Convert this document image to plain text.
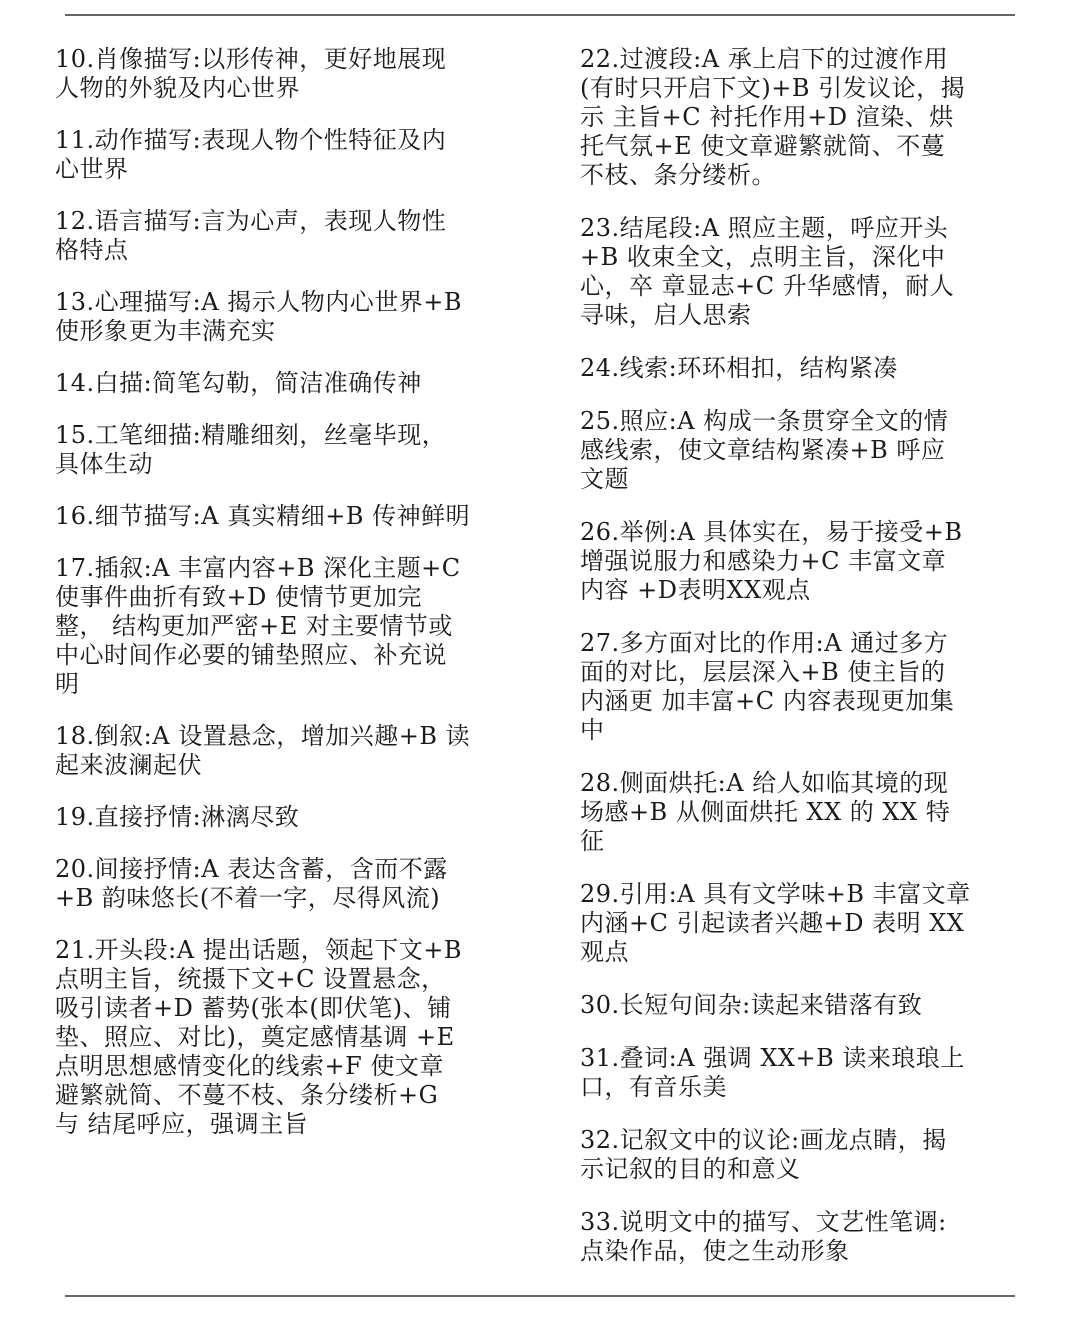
10.肖像描写:以形传神，更好地展现
人物的外貌及内心世界

11.动作描写:表现人物个性特征及内
心世界

12.语言描写:言为心声，表现人物性
格特点

13.心理描写:A 揭示人物内心世界+B
使形象更为丰满充实

14.白描:简笔勾勒，简洁准确传神

15.工笔细描:精雕细刻，丝毫毕现，
具体生动

16.细节描写:A 真实精细+B 传神鲜明

17.插叙:A 丰富内容+B 深化主题+C
使事件曲折有致+D 使情节更加完
整， 结构更加严密+E 对主要情节或
中心时间作必要的铺垫照应、补充说
明

18.倒叙:A 设置悬念，增加兴趣+B 读
起来波澜起伏

19.直接抒情:淋漓尽致

20.间接抒情:A 表达含蓄，含而不露
+B 韵味悠长(不着一字，尽得风流)

21.开头段:A 提出话题，领起下文+B
点明主旨，统摄下文+C 设置悬念，
吸引读者+D 蓄势(张本(即伏笔)、铺
垫、照应、对比)，奠定感情基调 +E
点明思想感情变化的线索+F 使文章
避繁就简、不蔓不枝、条分缕析+G
与 结尾呼应，强调主旨

22.过渡段:A 承上启下的过渡作用
(有时只开启下文)+B 引发议论，揭
示 主旨+C 衬托作用+D 渲染、烘
托气氛+E 使文章避繁就简、不蔓
不枝、条分缕析。

23.结尾段:A 照应主题，呼应开头
+B 收束全文，点明主旨，深化中
心，卒 章显志+C 升华感情，耐人
寻味，启人思索

24.线索:环环相扣，结构紧凑

25.照应:A 构成一条贯穿全文的情
感线索，使文章结构紧凑+B 呼应
文题

26.举例:A 具体实在，易于接受+B
增强说服力和感染力+C 丰富文章
内容 +D表明XX观点

27.多方面对比的作用:A 通过多方
面的对比，层层深入+B 使主旨的
内涵更 加丰富+C 内容表现更加集
中

28.侧面烘托:A 给人如临其境的现
场感+B 从侧面烘托 XX 的 XX 特
征

29.引用:A 具有文学味+B 丰富文章
内涵+C 引起读者兴趣+D 表明 XX
观点

30.长短句间杂:读起来错落有致

31.叠词:A 强调 XX+B 读来琅琅上
口，有音乐美

32.记叙文中的议论:画龙点睛，揭
示记叙的目的和意义

33.说明文中的描写、文艺性笔调:
点染作品，使之生动形象
